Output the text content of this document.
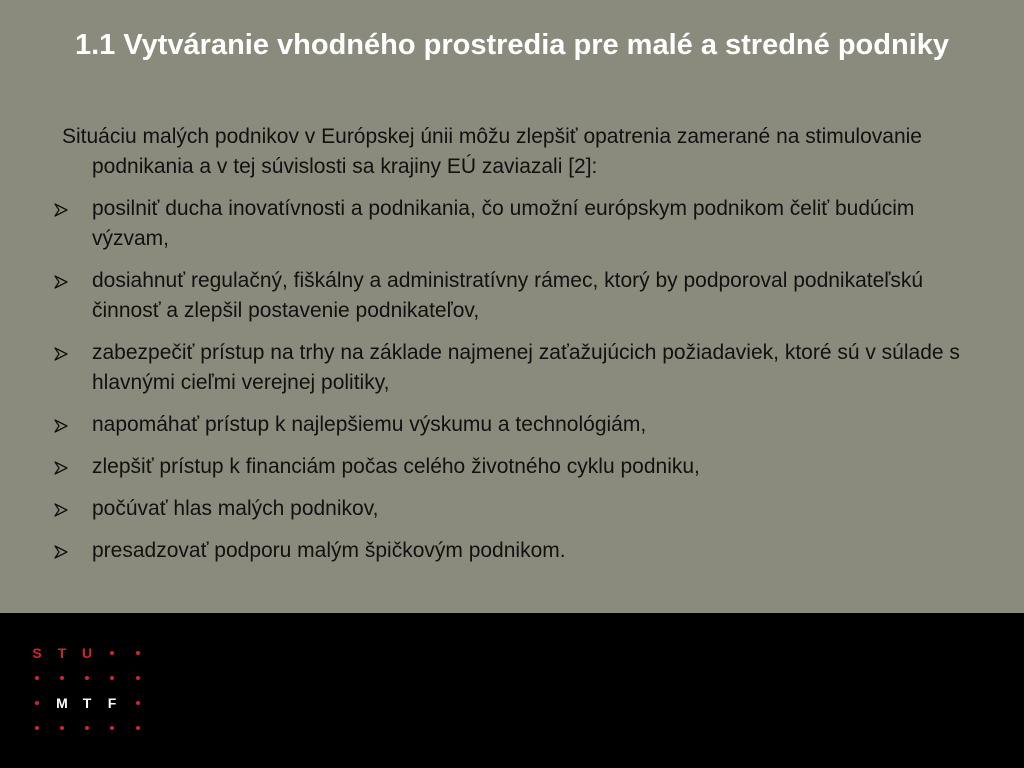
1.1 Vytváranie vhodného prostredia pre malé a stredné podniky

Situáciu malých podnikov v Európskej únii môžu zlepšiť opatrenia zamerané na stimulovanie podnikania a v tej súvislosti sa krajiny EÚ zaviazali [2]:

posilniť ducha inovatívnosti a podnikania, čo umožní európskym podnikom čeliť budúcim výzvam,
dosiahnuť regulačný, fiškálny a administratívny rámec, ktorý by podporoval podnikateľskú činnosť a zlepšil postavenie podnikateľov,
zabezpečiť prístup na trhy na základe najmenej zaťažujúcich požiadaviek, ktoré sú v súlade s hlavnými cieľmi verejnej politiky,
napomáhať prístup k najlepšiemu výskumu a technológiám,
zlepšiť prístup k financiám počas celého životného cyklu podniku,
počúvať hlas malých podnikov,
presadzovať podporu malým špičkovým podnikom.
S T U
M T F
